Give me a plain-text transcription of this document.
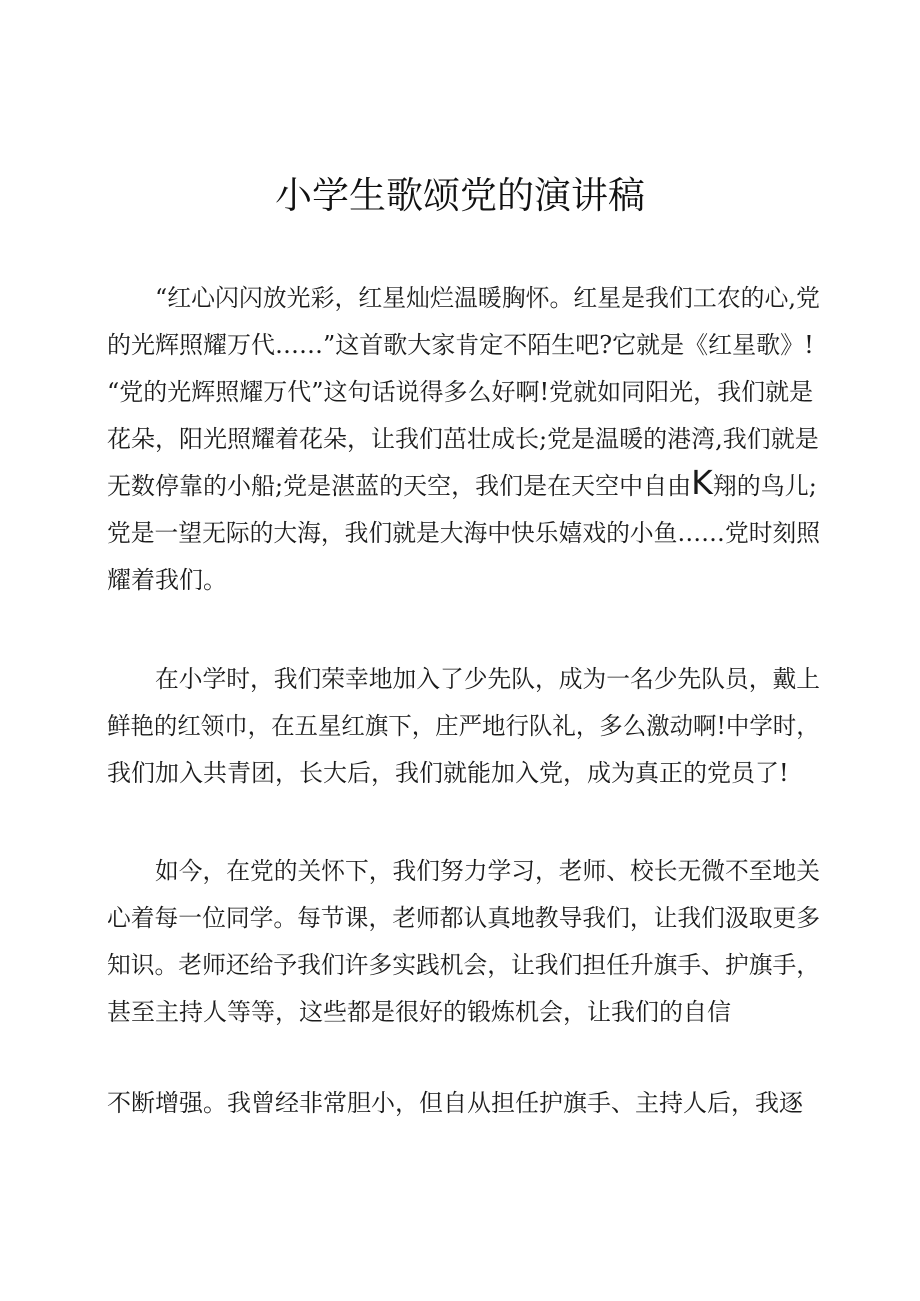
小学生歌颂党的演讲稿

“红心闪闪放光彩，红星灿烂温暖胸怀。红星是我们工农的心,党

的光辉照耀万代……”这首歌大家肯定不陌生吧?它就是《红星歌》!

“党的光辉照耀万代”这句话说得多么好啊!党就如同阳光，我们就是

花朵，阳光照耀着花朵，让我们茁壮成长;党是温暖的港湾,我们就是

无数停靠的小船;党是湛蓝的天空，我们是在天空中自由K翔的鸟儿;

党是一望无际的大海，我们就是大海中快乐嬉戏的小鱼……党时刻照

耀着我们。

在小学时，我们荣幸地加入了少先队，成为一名少先队员，戴上

鲜艳的红领巾，在五星红旗下，庄严地行队礼，多么激动啊!中学时，

我们加入共青团，长大后，我们就能加入党，成为真正的党员了!

如今，在党的关怀下，我们努力学习，老师、校长无微不至地关

心着每一位同学。每节课，老师都认真地教导我们，让我们汲取更多

知识。老师还给予我们许多实践机会，让我们担任升旗手、护旗手，

甚至主持人等等，这些都是很好的锻炼机会，让我们的自信

不断增强。我曾经非常胆小，但自从担任护旗手、主持人后，我逐
